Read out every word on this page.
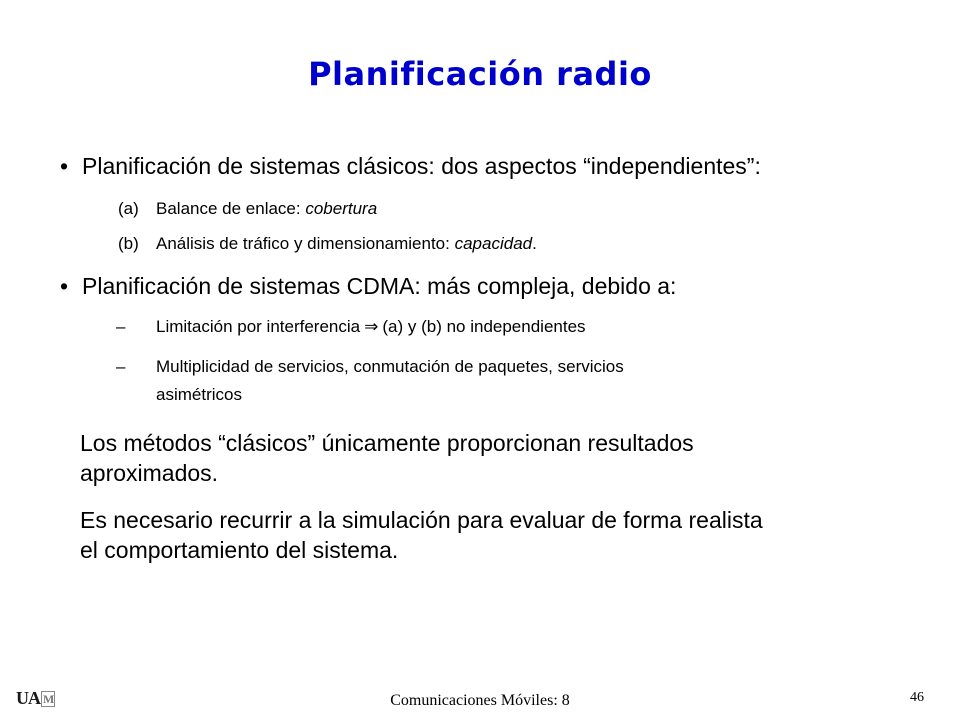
Planificación radio
• Planificación de sistemas clásicos: dos aspectos “independientes”:
(a) Balance de enlace: cobertura
(b) Análisis de tráfico y dimensionamiento: capacidad.
• Planificación de sistemas CDMA: más compleja, debido a:
– Limitación por interferencia ⇒ (a) y (b) no independientes
– Multiplicidad de servicios, conmutación de paquetes, servicios
asimétricos
Los métodos “clásicos” únicamente proporcionan resultados
aproximados.
Es necesario recurrir a la simulación para evaluar de forma realista
el comportamiento del sistema.
UA M	Comunicaciones Móviles: 8	46
